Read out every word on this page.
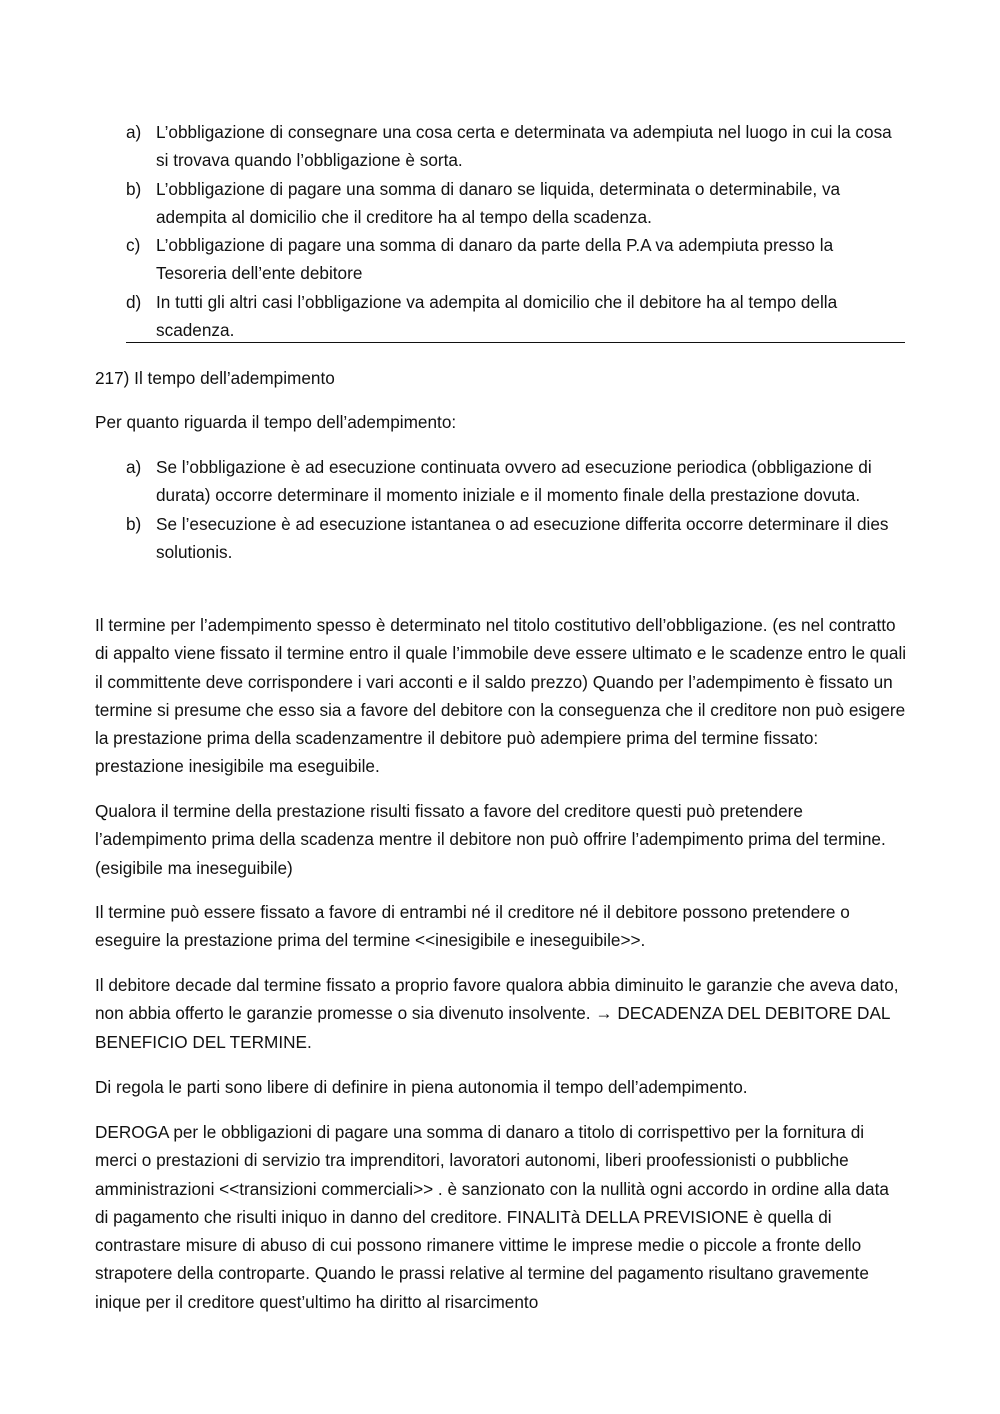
a) L’obbligazione di consegnare una cosa certa e determinata va adempiuta nel luogo in cui la cosa si trovava quando l’obbligazione è sorta.
b) L’obbligazione di pagare una somma di danaro se liquida, determinata o determinabile, va adempita al domicilio che il creditore ha al tempo della scadenza.
c) L’obbligazione di pagare una somma di danaro da parte della P.A va adempiuta presso la Tesoreria dell’ente debitore
d) In tutti gli altri casi l’obbligazione va adempita al domicilio che il debitore ha al tempo della scadenza.

217) Il tempo dell’adempimento

Per quanto riguarda il tempo dell’adempimento:

a) Se l’obbligazione è ad esecuzione continuata ovvero ad esecuzione periodica (obbligazione di durata) occorre determinare il momento iniziale e il momento finale della prestazione dovuta.
b) Se l’esecuzione è ad esecuzione istantanea o ad esecuzione differita occorre determinare il dies solutionis.

Il termine per l’adempimento spesso è determinato nel titolo costitutivo dell’obbligazione. (es nel contratto di appalto viene fissato il termine entro il quale l’immobile deve essere ultimato e le scadenze entro le quali il committente deve corrispondere i vari acconti e il saldo prezzo) Quando per l’adempimento è fissato un termine si presume che esso sia a favore del debitore con la conseguenza che il creditore non può esigere la prestazione prima della scadenzamentre il debitore può adempiere prima del termine fissato: prestazione inesigibile ma eseguibile.

Qualora il termine della prestazione risulti fissato a favore del creditore questi può pretendere l’adempimento prima della scadenza mentre il debitore non può offrire l’adempimento prima del termine. (esigibile ma ineseguibile)

Il termine può essere fissato a favore di entrambi né il creditore né il debitore possono pretendere o eseguire la prestazione prima del termine <<inesigibile e ineseguibile>>.

Il debitore decade dal termine fissato a proprio favore qualora abbia diminuito le garanzie che aveva dato, non abbia offerto le garanzie promesse o sia divenuto insolvente. → DECADENZA DEL DEBITORE DAL BENEFICIO DEL TERMINE.

Di regola le parti sono libere di definire in piena autonomia il tempo dell’adempimento.

DEROGA per le obbligazioni di pagare una somma di danaro a titolo di corrispettivo per la fornitura di merci o prestazioni di servizio tra imprenditori, lavoratori autonomi, liberi proofessionisti o pubbliche amministrazioni <<transizioni commerciali>> . è sanzionato con la nullità ogni accordo in ordine alla data di pagamento che risulti iniquo in danno del creditore. FINALITà DELLA PREVISIONE è quella di contrastare misure di abuso di cui possono rimanere vittime le imprese medie o piccole a fronte dello strapotere della controparte. Quando le prassi relative al termine del pagamento risultano gravemente inique per il creditore quest’ultimo ha diritto al risarcimento
